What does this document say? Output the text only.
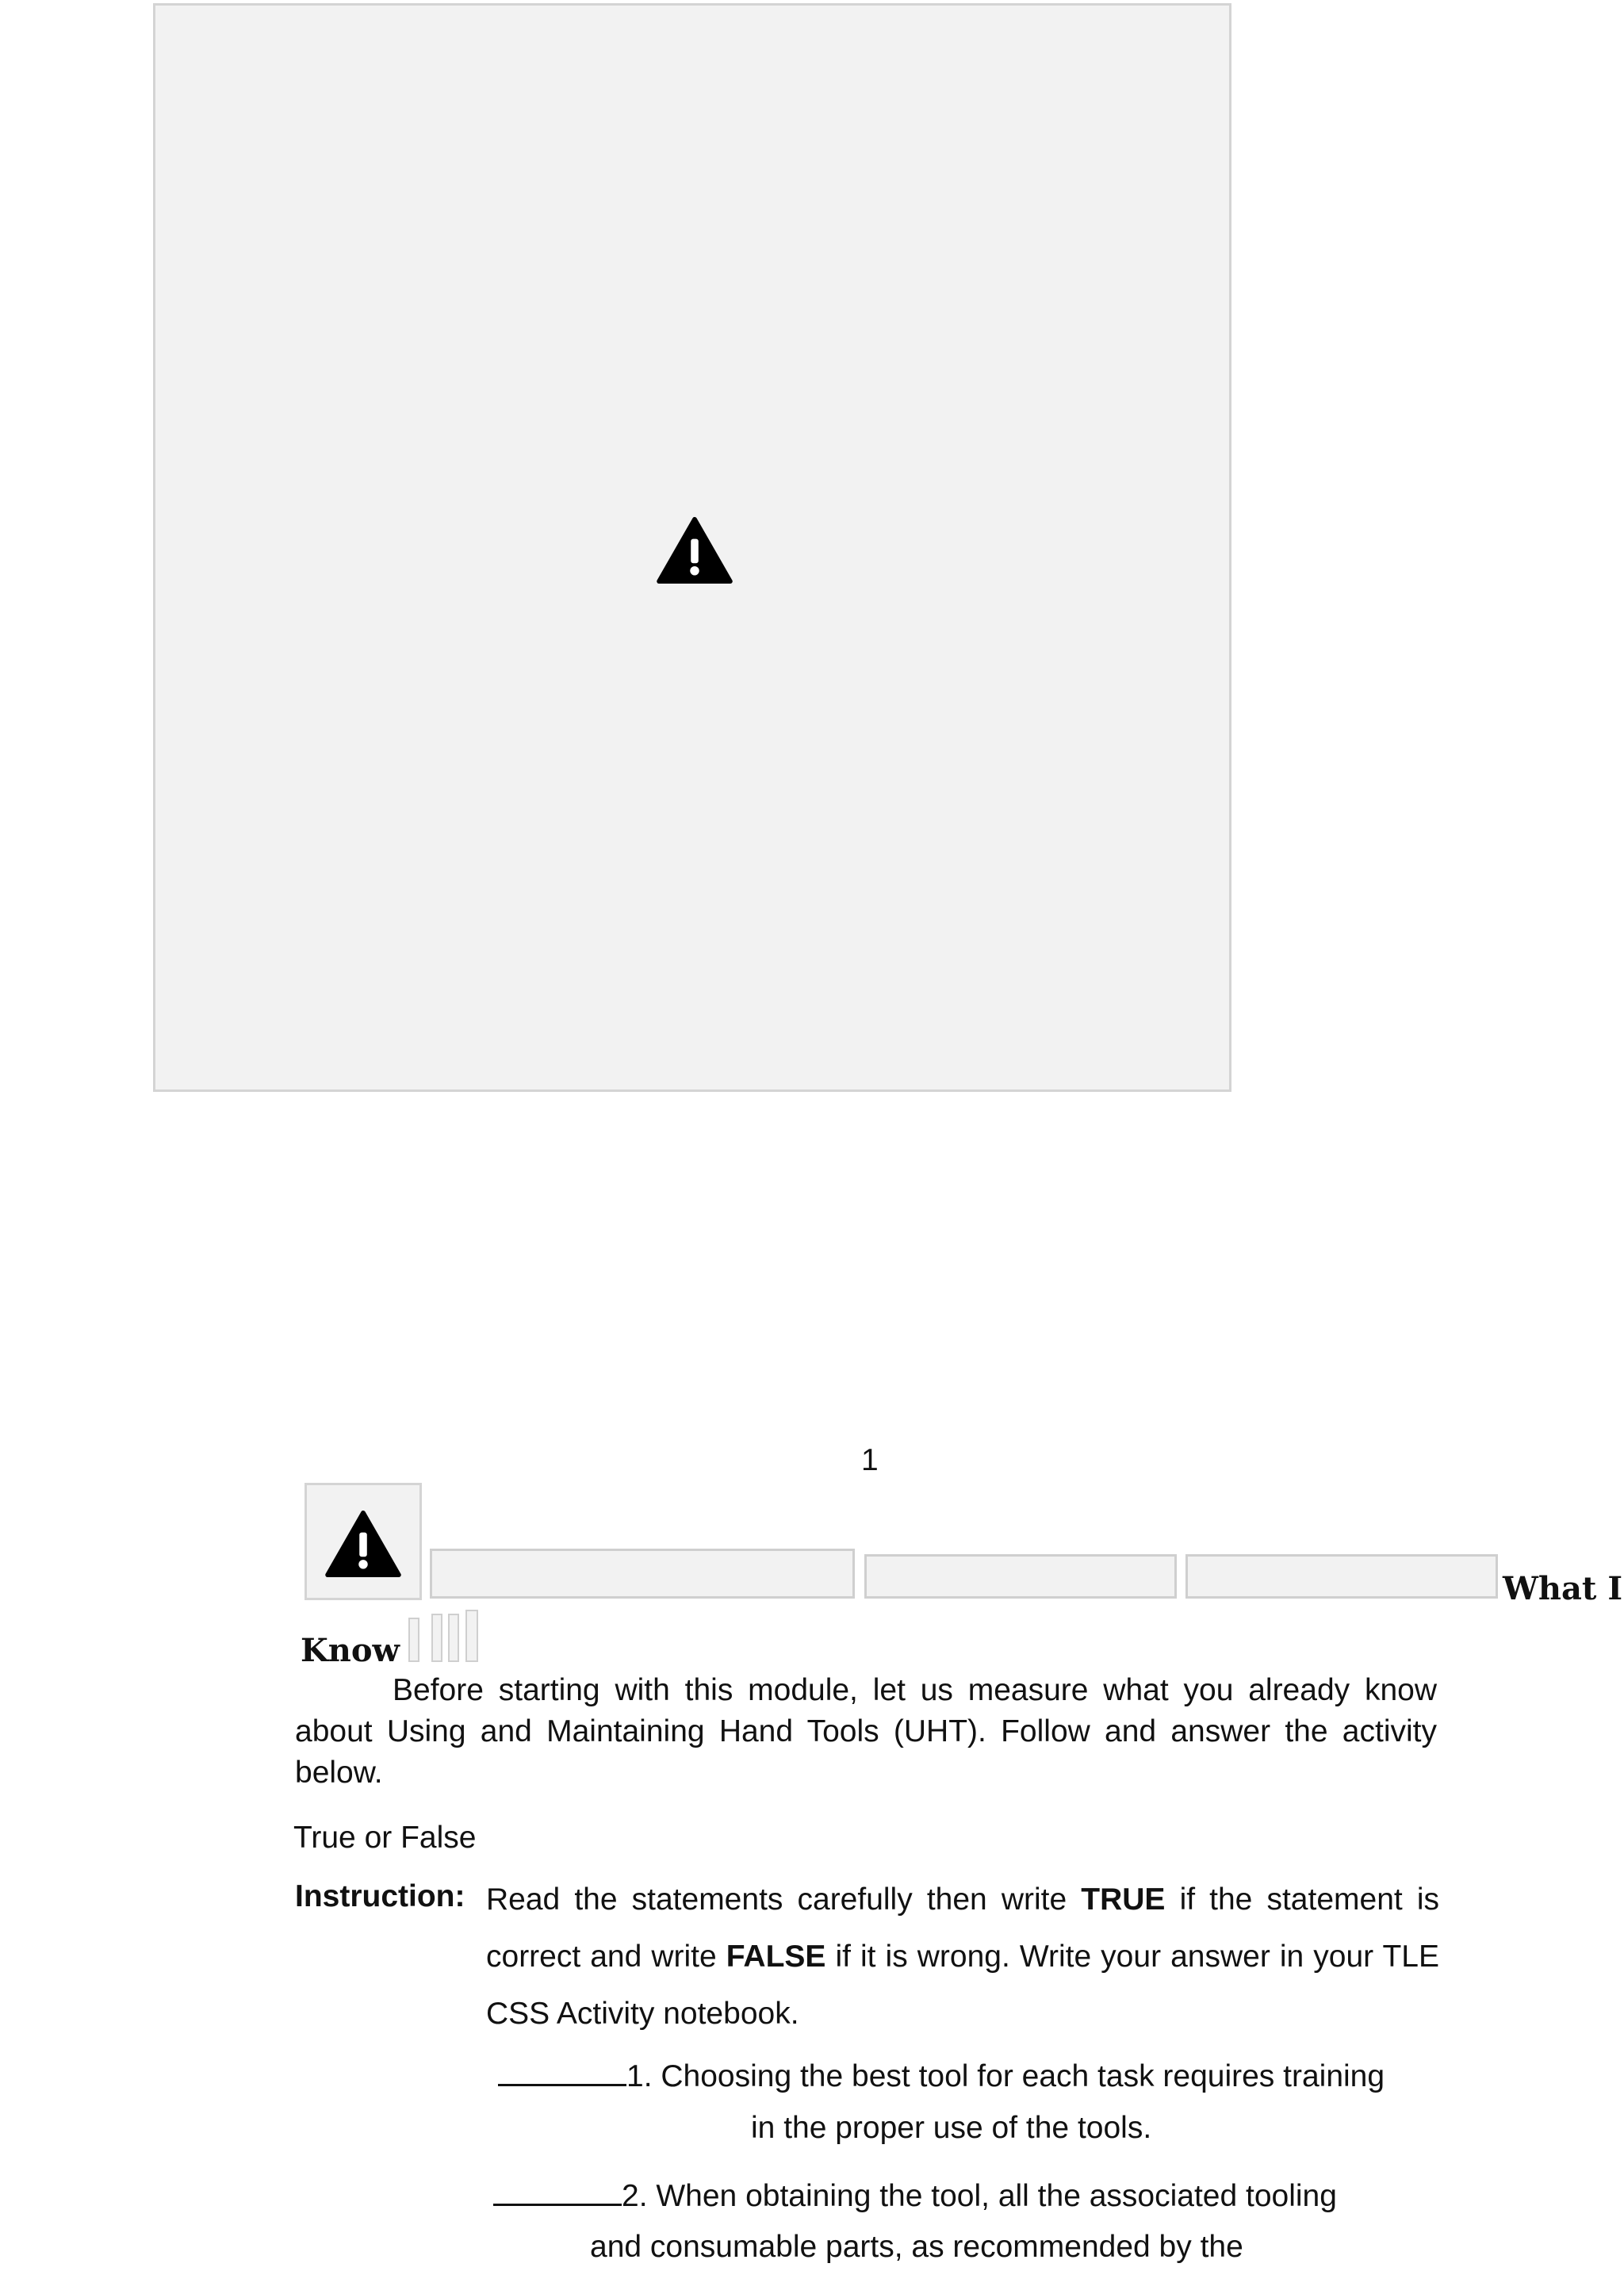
1
What I
Know
Before starting with this module, let us measure what you already know about Using and Maintaining Hand Tools (UHT). Follow and answer the activity below.
True or False
Instruction: Read the statements carefully then write TRUE if the statement is correct and write FALSE if it is wrong. Write your answer in your TLE CSS Activity notebook.
1. Choosing the best tool for each task requires training
in the proper use of the tools.
2. When obtaining the tool, all the associated tooling
and consumable parts, as recommended by the
